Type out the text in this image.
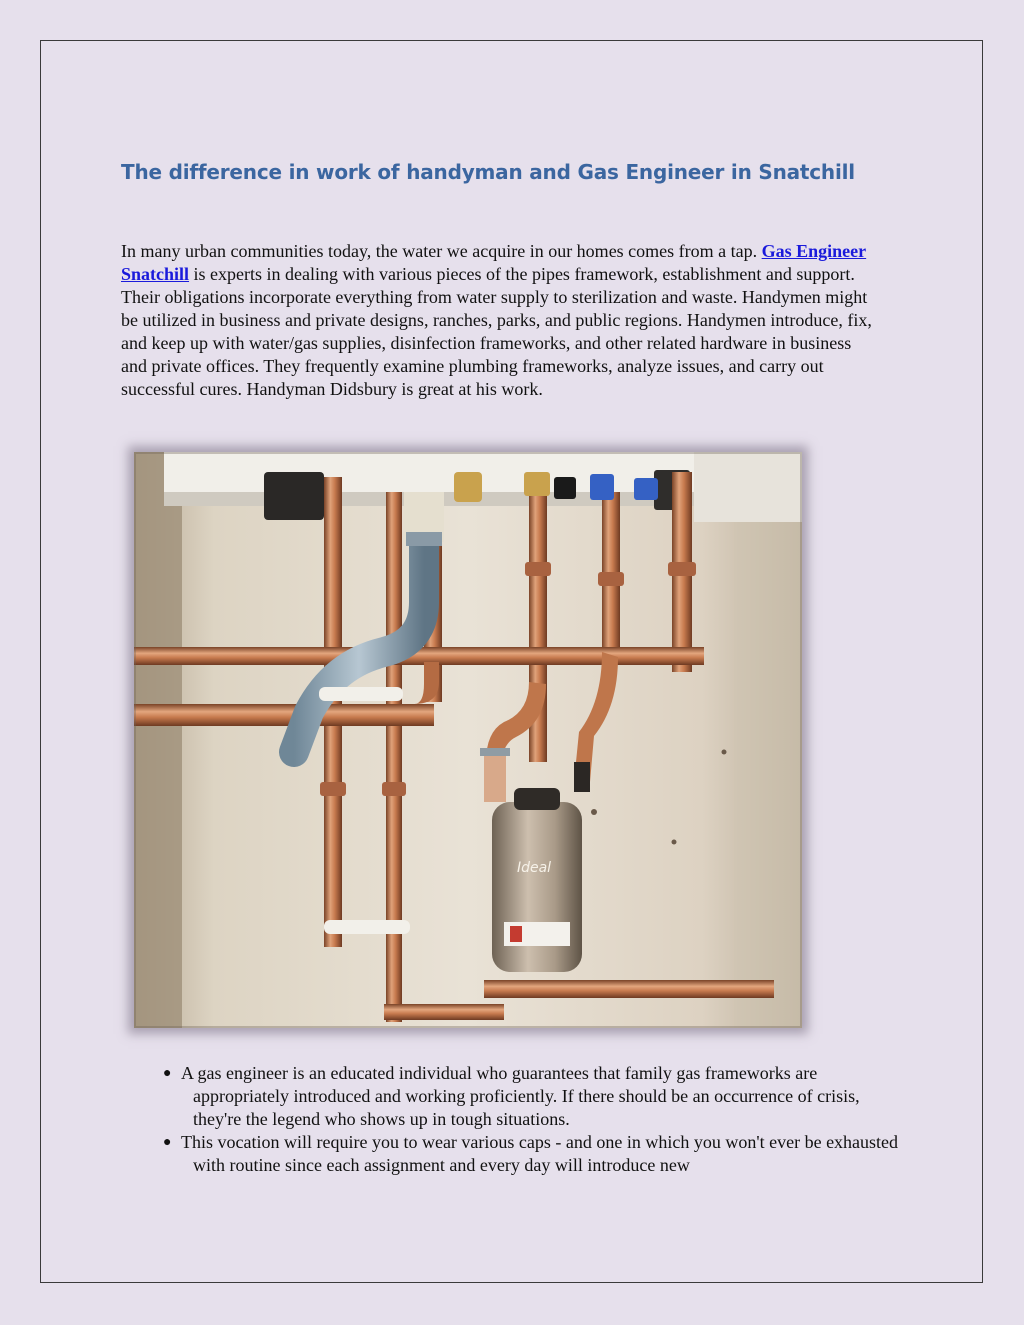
The difference in work of handyman and Gas Engineer in Snatchill

In many urban communities today, the water we acquire in our homes comes from a tap. Gas Engineer Snatchill is experts in dealing with various pieces of the pipes framework, establishment and support. Their obligations incorporate everything from water supply to sterilization and waste. Handymen might be utilized in business and private designs, ranches, parks, and public regions. Handymen introduce, fix, and keep up with water/gas supplies, disinfection frameworks, and other related hardware in business and private offices. They frequently examine plumbing frameworks, analyze issues, and carry out successful cures. Handyman Didsbury is great at his work.

Ideal
● A gas engineer is an educated individual who guarantees that family gas frameworks are appropriately introduced and working proficiently. If there should be an occurrence of crisis, they're the legend who shows up in tough situations.
● This vocation will require you to wear various caps - and one in which you won't ever be exhausted with routine since each assignment and every day will introduce new
